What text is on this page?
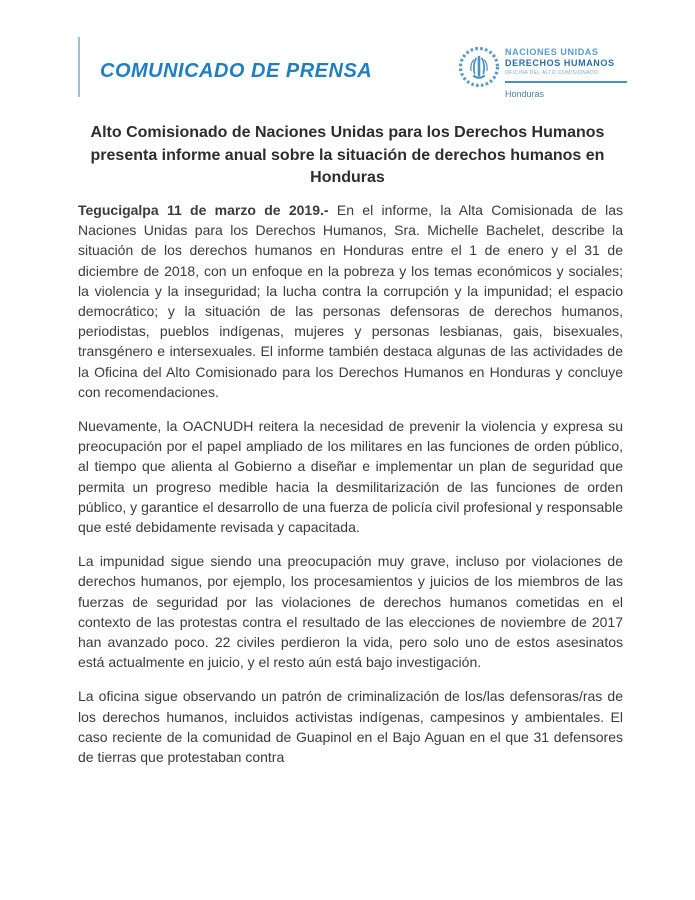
COMUNICADO DE PRENSA
NACIONES UNIDAS
DERECHOS HUMANOS
OFICINA DEL ALTO COMISIONADO
Honduras
Alto Comisionado de Naciones Unidas para los Derechos Humanos presenta informe anual sobre la situación de derechos humanos en Honduras

Tegucigalpa 11 de marzo de 2019.- En el informe, la Alta Comisionada de las Naciones Unidas para los Derechos Humanos, Sra. Michelle Bachelet, describe la situación de los derechos humanos en Honduras entre el 1 de enero y el 31 de diciembre de 2018, con un enfoque en la pobreza y los temas económicos y sociales; la violencia y la inseguridad; la lucha contra la corrupción y la impunidad; el espacio democrático; y la situación de las personas defensoras de derechos humanos, periodistas, pueblos indígenas, mujeres y personas lesbianas, gais, bisexuales, transgénero e intersexuales. El informe también destaca algunas de las actividades de la Oficina del Alto Comisionado para los Derechos Humanos en Honduras y concluye con recomendaciones.

Nuevamente, la OACNUDH reitera la necesidad de prevenir la violencia y expresa su preocupación por el papel ampliado de los militares en las funciones de orden público, al tiempo que alienta al Gobierno a diseñar e implementar un plan de seguridad que permita un progreso medible hacia la desmilitarización de las funciones de orden público, y garantice el desarrollo de una fuerza de policía civil profesional y responsable que esté debidamente revisada y capacitada.

La impunidad sigue siendo una preocupación muy grave, incluso por violaciones de derechos humanos, por ejemplo, los procesamientos y juicios de los miembros de las fuerzas de seguridad por las violaciones de derechos humanos cometidas en el contexto de las protestas contra el resultado de las elecciones de noviembre de 2017 han avanzado poco. 22 civiles perdieron la vida, pero solo uno de estos asesinatos está actualmente en juicio, y el resto aún está bajo investigación.

La oficina sigue observando un patrón de criminalización de los/las defensoras/ras de los derechos humanos, incluidos activistas indígenas, campesinos y ambientales. El caso reciente de la comunidad de Guapinol en el Bajo Aguan en el que 31 defensores de tierras que protestaban contra
